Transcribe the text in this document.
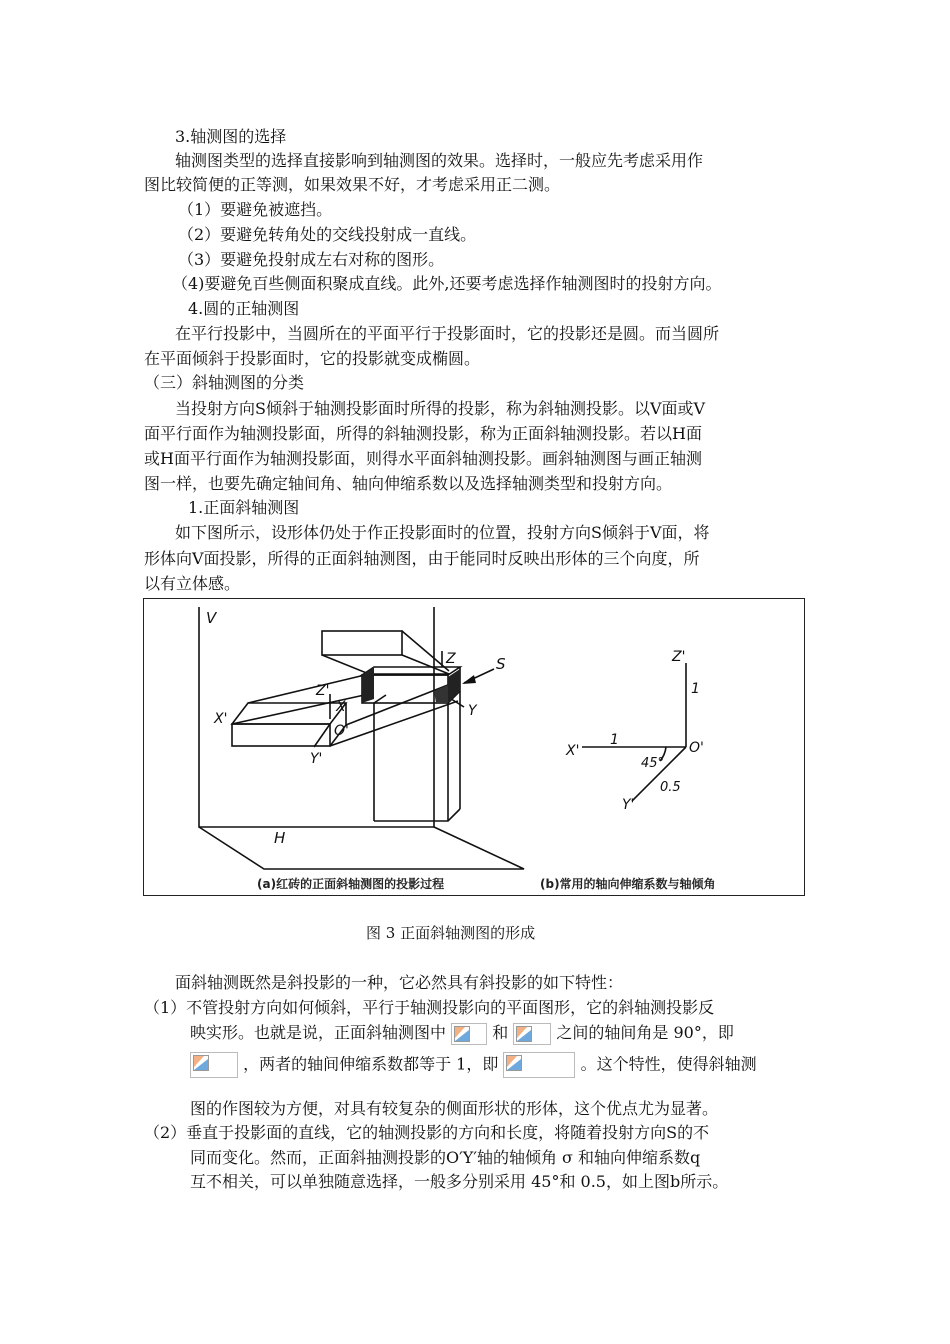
3.轴测图的选择
轴测图类型的选择直接影响到轴测图的效果。选择时，一般应先考虑采用作
图比较简便的正等测，如果效果不好，才考虑采用正二测。
（1）要避免被遮挡。
（2）要避免转角处的交线投射成一直线。
（3）要避免投射成左右对称的图形。
（4)要避免百些侧面积聚成直线。此外,还要考虑选择作轴测图时的投射方向。
4.圆的正轴测图
在平行投影中，当圆所在的平面平行于投影面时，它的投影还是圆。而当圆所
在平面倾斜于投影面时，它的投影就变成椭圆。
（三）斜轴测图的分类
当投射方向S倾斜于轴测投影面时所得的投影，称为斜轴测投影。以V面或V
面平行面作为轴测投影面，所得的斜轴测投影，称为正面斜轴测投影。若以H面
或H面平行面作为轴测投影面，则得水平面斜轴测投影。画斜轴测图与画正轴测
图一样，也要先确定轴间角、轴向伸缩系数以及选择轴测类型和投射方向。
1.正面斜轴测图
如下图所示，设形体仍处于作正投影面时的位置，投射方向S倾斜于V面，将
形体向V面投影，所得的正面斜轴测图，由于能同时反映出形体的三个向度，所
以有立体感。
V
H
S
Z
Y
Z'
X'
X
O'
Y'
Z'
1
X'
1	O'
45°
0.5
Y'
(a)红砖的正面斜轴测图的投影过程	(b)常用的轴向伸缩系数与轴倾角
图 3 正面斜轴测图的形成
面斜轴测既然是斜投影的一种，它必然具有斜投影的如下特性：
（1）不管投射方向如何倾斜，平行于轴测投影向的平面图形，它的斜轴测投影反
映实形。也就是说，正面斜轴测图中	和	之间的轴间角是 90°，即
，两者的轴间伸缩系数都等于 1，即	。这个特性，使得斜轴测
图的作图较为方便，对具有较复杂的侧面形状的形体，这个优点尤为显著。
（2）垂直于投影面的直线，它的轴测投影的方向和长度，将随着投射方向S的不
同而变化。然而，正面斜抽测投影的O′Y′轴的轴倾角 σ 和轴向伸缩系数q
互不相关，可以单独随意选择，一般多分别采用 45°和 0.5，如上图b所示。
